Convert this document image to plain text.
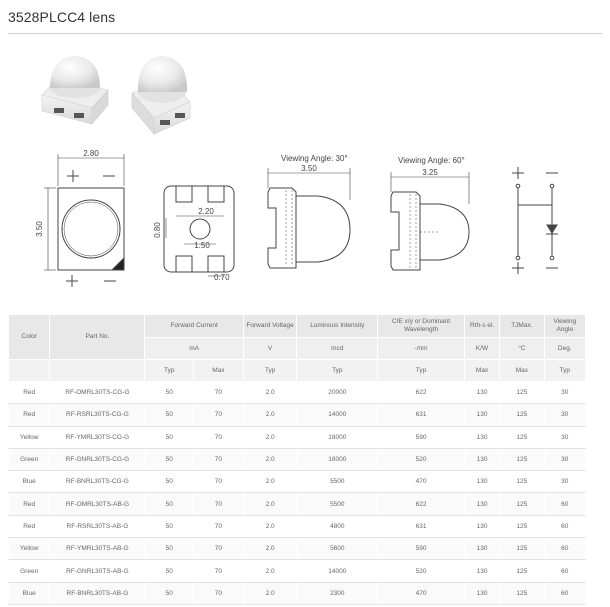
3528PLCC4 lens
2.80
3.50
2.20
1.50
0.80
0.70
Viewing Angle: 30°
3.50
Viewing Angle: 60°
3.25
Color	Part No.	Forward Current		Forward Voltage	Luminous Intensity	CIE x/y or Dominant Wavelength	Rth-s el.	TJMax.	Viewing Angle
		mA		V	mcd	-/nm	K/W	°C	Deg.
		Typ	Max	Typ	Typ	Typ	Max	Max	Typ
Red	RF-OMRL30TS-CG-G	50	70	2.0	20000	622	130	125	30
Red	RF-RSRL30TS-CG-G	50	70	2.0	14000	631	130	125	30
Yellow	RF-YMRL30TS-CG-G	50	70	2.0	18000	590	130	125	30
Green	RF-GNRL30TS-CG-G	50	70	2.0	18000	520	130	125	30
Blue	RF-BNRL30TS-CG-G	50	70	2.0	5500	470	130	125	30
Red	RF-OMRL30TS-AB-G	50	70	2.0	5500	622	130	125	60
Red	RF-RSRL30TS-AB-G	50	70	2.0	4800	631	130	125	60
Yellow	RF-YMRL30TS-AB-G	50	70	2.0	5600	590	130	125	60
Green	RF-GNRL30TS-AB-G	50	70	2.0	14000	520	130	125	60
Blue	RF-BNRL30TS-AB-G	50	70	2.0	2300	470	130	125	60
